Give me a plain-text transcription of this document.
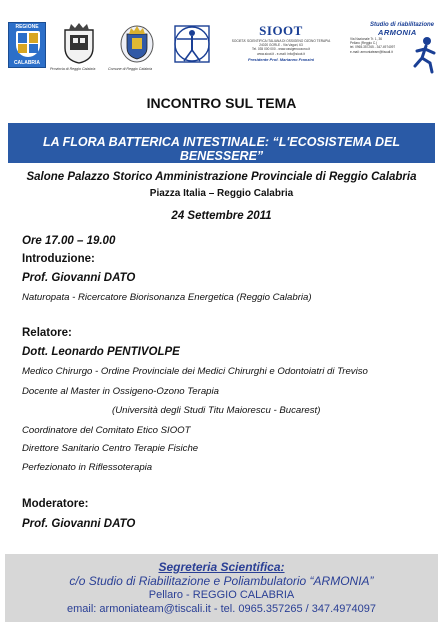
REGIONE
CALABRIA
Provincia di Reggio Calabria	Comune di Reggio Calabria
SIOOT
SOCIETA' SCIENTIFICA ITALIANA DI OSSIGENO OZONO TERAPIA
24020 GORLE - Via Vaguri, 63
Tel. 035 000 000 - www.ossigenoozono.it
www.sioot.it - e-mail: info@sioot.it
Presidente Prof. Marianno Franzini
Studio di riabilitazione
ARMONIA
Via Nazionale Tr. 1, 36
Pellaro (Reggio C.)
tel. 0965.357265 - 347.4974097
e-mail: armoniateam@tiscali.it
INCONTRO SUL TEMA
LA FLORA BATTERICA INTESTINALE: “L'ECOSISTEMA DEL BENESSERE”
Salone Palazzo Storico Amministrazione Provinciale di Reggio Calabria
Piazza Italia – Reggio Calabria
24 Settembre 2011
Ore 17.00 – 19.00
Introduzione:
Prof. Giovanni DATO
Naturopata - Ricercatore Biorisonanza Energetica (Reggio Calabria)
Relatore:
Dott. Leonardo PENTIVOLPE
Medico Chirurgo - Ordine Provinciale dei Medici Chirurghi e Odontoiatri di Treviso
Docente al Master in Ossigeno-Ozono Terapia
(Università degli Studi Titu Maiorescu - Bucarest)
Coordinatore del Comitato Etico SIOOT
Direttore Sanitario Centro Terapie Fisiche
Perfezionato in Riflessoterapia
Moderatore:
Prof. Giovanni DATO
Segreteria Scientifica:
c/o Studio di Riabilitazione e Poliambulatorio “ARMONIA”
Pellaro - REGGIO CALABRIA
email: armoniateam@tiscali.it - tel. 0965.357265 / 347.4974097
